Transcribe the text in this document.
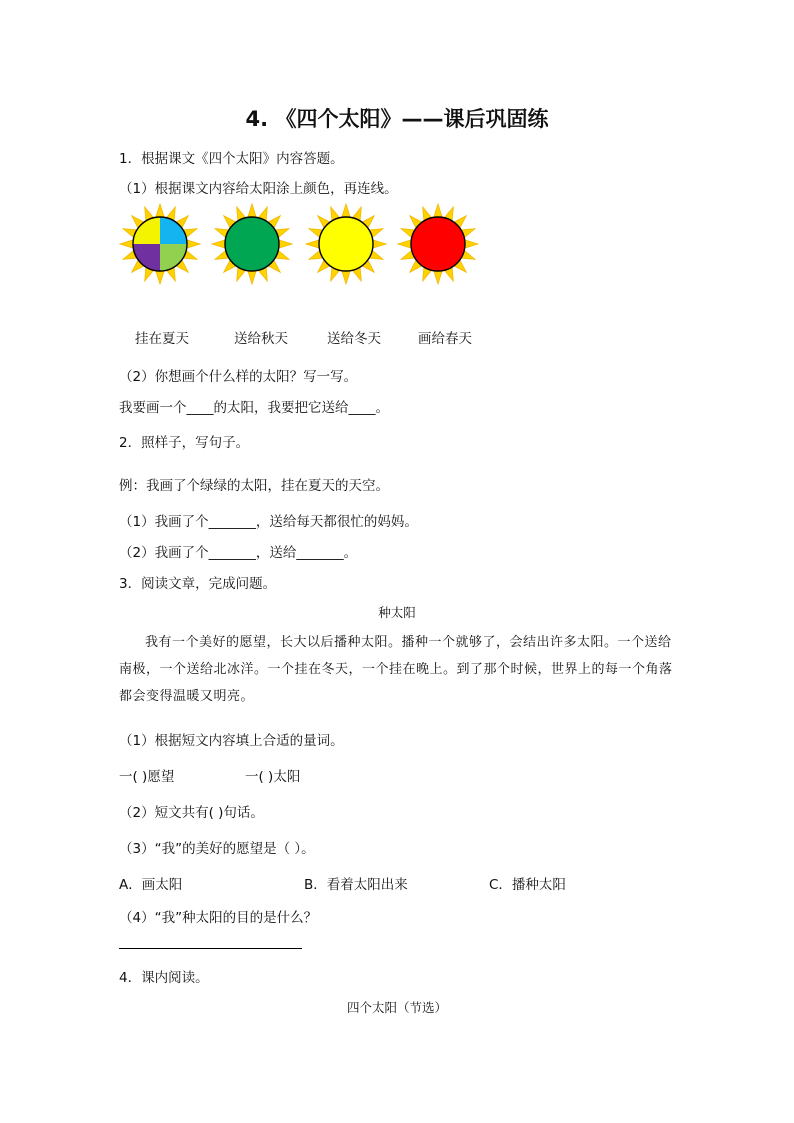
4. 《四个太阳》——课后巩固练
1．根据课文《四个太阳》内容答题。
（1）根据课文内容给太阳涂上颜色，再连线。
挂在夏天	送给秋天	送给冬天	画给春天
（2）你想画个什么样的太阳？写一写。
我要画一个____的太阳，我要把它送给____。
2．照样子，写句子。
例：我画了个绿绿的太阳，挂在夏天的天空。
（1）我画了个_______，送给每天都很忙的妈妈。
（2）我画了个_______，送给_______。
3．阅读文章，完成问题。
种太阳
我有一个美好的愿望，长大以后播种太阳。播种一个就够了，会结出许多太阳。一个送给南极，一个送给北冰洋。一个挂在冬天，一个挂在晚上。到了那个时候，世界上的每一个角落都会变得温暖又明亮。
（1）根据短文内容填上合适的量词。
一( )愿望	一( )太阳
（2）短文共有( )句话。
（3）“我”的美好的愿望是（ ）。
A．画太阳	B．看着太阳出来	C．播种太阳
（4）“我”种太阳的目的是什么？
4．课内阅读。
四个太阳（节选）
